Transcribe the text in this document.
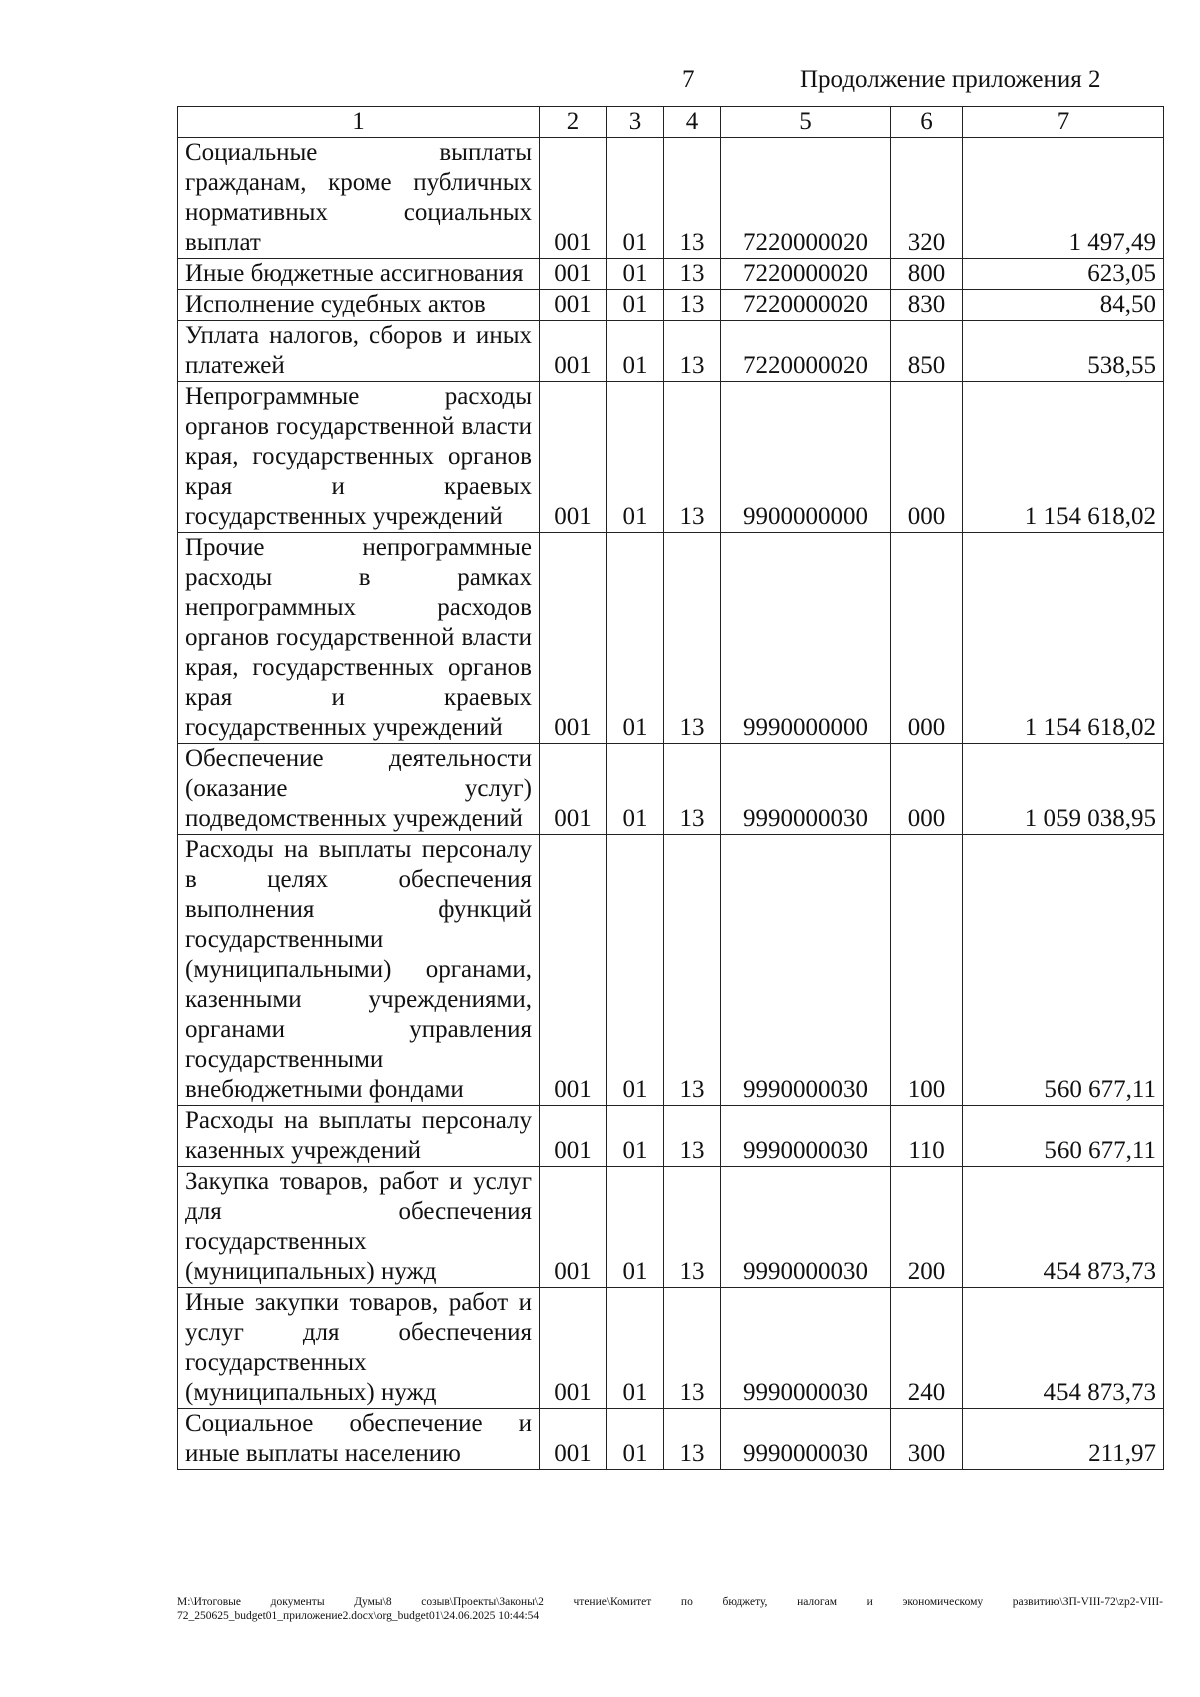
7	Продолжение приложения 2
1	2	3	4	5	6	7
Социальные выплаты гражданам, кроме публичных нормативных социальных выплат	001	01	13	7220000020	320	1 497,49
Иные бюджетные ассигнования	001	01	13	7220000020	800	623,05
Исполнение судебных актов	001	01	13	7220000020	830	84,50
Уплата налогов, сборов и иных платежей	001	01	13	7220000020	850	538,55
Непрограммные расходы органов государственной власти края, государственных органов края и краевых государственных учреждений	001	01	13	9900000000	000	1 154 618,02
Прочие непрограммные расходы в рамках непрограммных расходов органов государственной власти края, государственных органов края и краевых государственных учреждений	001	01	13	9990000000	000	1 154 618,02
Обеспечение деятельности (оказание услуг) подведомственных учреждений	001	01	13	9990000030	000	1 059 038,95
Расходы на выплаты персоналу в целях обеспечения выполнения функций государственными (муниципальными) органами, казенными учреждениями, органами управления государственными внебюджетными фондами	001	01	13	9990000030	100	560 677,11
Расходы на выплаты персоналу казенных учреждений	001	01	13	9990000030	110	560 677,11
Закупка товаров, работ и услуг для обеспечения государственных (муниципальных) нужд	001	01	13	9990000030	200	454 873,73
Иные закупки товаров, работ и услуг для обеспечения государственных (муниципальных) нужд	001	01	13	9990000030	240	454 873,73
Социальное обеспечение и иные выплаты населению	001	01	13	9990000030	300	211,97
M:\Итоговые документы Думы\8 созыв\Проекты\Законы\2 чтение\Комитет по бюджету, налогам и экономическому развитию\ЗП-VIII-72\zp2-VIII-72_250625_budget01_приложение2.docx\org_budget01\24.06.2025 10:44:54
